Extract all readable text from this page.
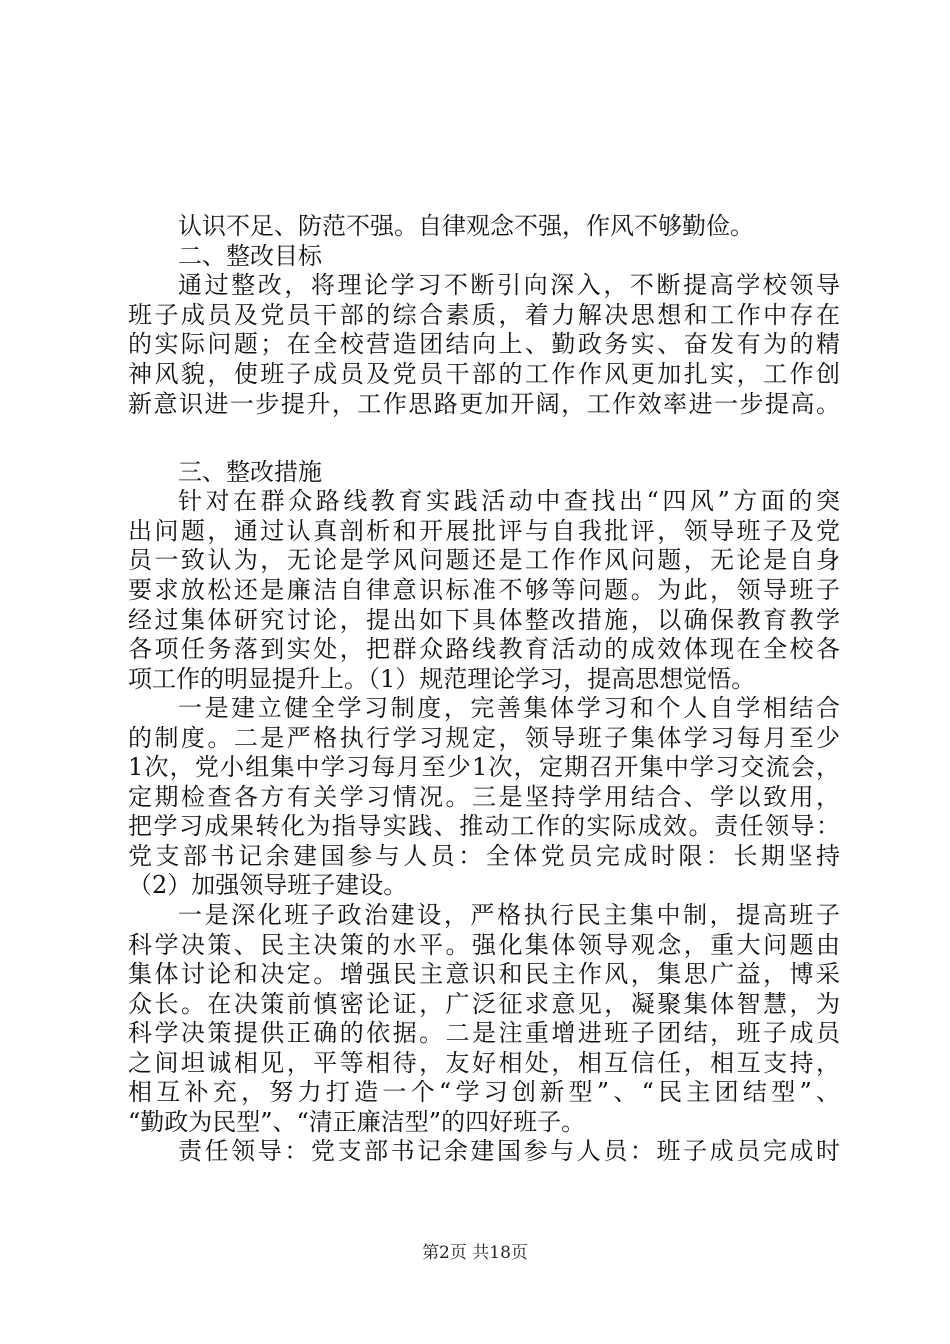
认识不足、防范不强。自律观念不强，作风不够勤俭。
二、整改目标
通过整改，将理论学习不断引向深入，不断提高学校领导
班子成员及党员干部的综合素质，着力解决思想和工作中存在
的实际问题；在全校营造团结向上、勤政务实、奋发有为的精
神风貌，使班子成员及党员干部的工作作风更加扎实，工作创
新意识进一步提升，工作思路更加开阔，工作效率进一步提高。
三、整改措施
针对在群众路线教育实践活动中查找出“四风”方面的突
出问题，通过认真剖析和开展批评与自我批评，领导班子及党
员一致认为，无论是学风问题还是工作作风问题，无论是自身
要求放松还是廉洁自律意识标准不够等问题。为此，领导班子
经过集体研究讨论，提出如下具体整改措施，以确保教育教学
各项任务落到实处，把群众路线教育活动的成效体现在全校各
项工作的明显提升上。（1）规范理论学习，提高思想觉悟。
一是建立健全学习制度，完善集体学习和个人自学相结合
的制度。二是严格执行学习规定，领导班子集体学习每月至少
1次，党小组集中学习每月至少1次，定期召开集中学习交流会，
定期检查各方有关学习情况。三是坚持学用结合、学以致用，
把学习成果转化为指导实践、推动工作的实际成效。责任领导：
党支部书记余建国参与人员：全体党员完成时限：长期坚持
（2）加强领导班子建设。
一是深化班子政治建设，严格执行民主集中制，提高班子
科学决策、民主决策的水平。强化集体领导观念，重大问题由
集体讨论和决定。增强民主意识和民主作风，集思广益，博采
众长。在决策前慎密论证，广泛征求意见，凝聚集体智慧，为
科学决策提供正确的依据。二是注重增进班子团结，班子成员
之间坦诚相见，平等相待，友好相处，相互信任，相互支持，
相互补充，努力打造一个“学习创新型”、“民主团结型”、
“勤政为民型”、“清正廉洁型”的四好班子。
责任领导：党支部书记余建国参与人员：班子成员完成时
第2页 共18页
